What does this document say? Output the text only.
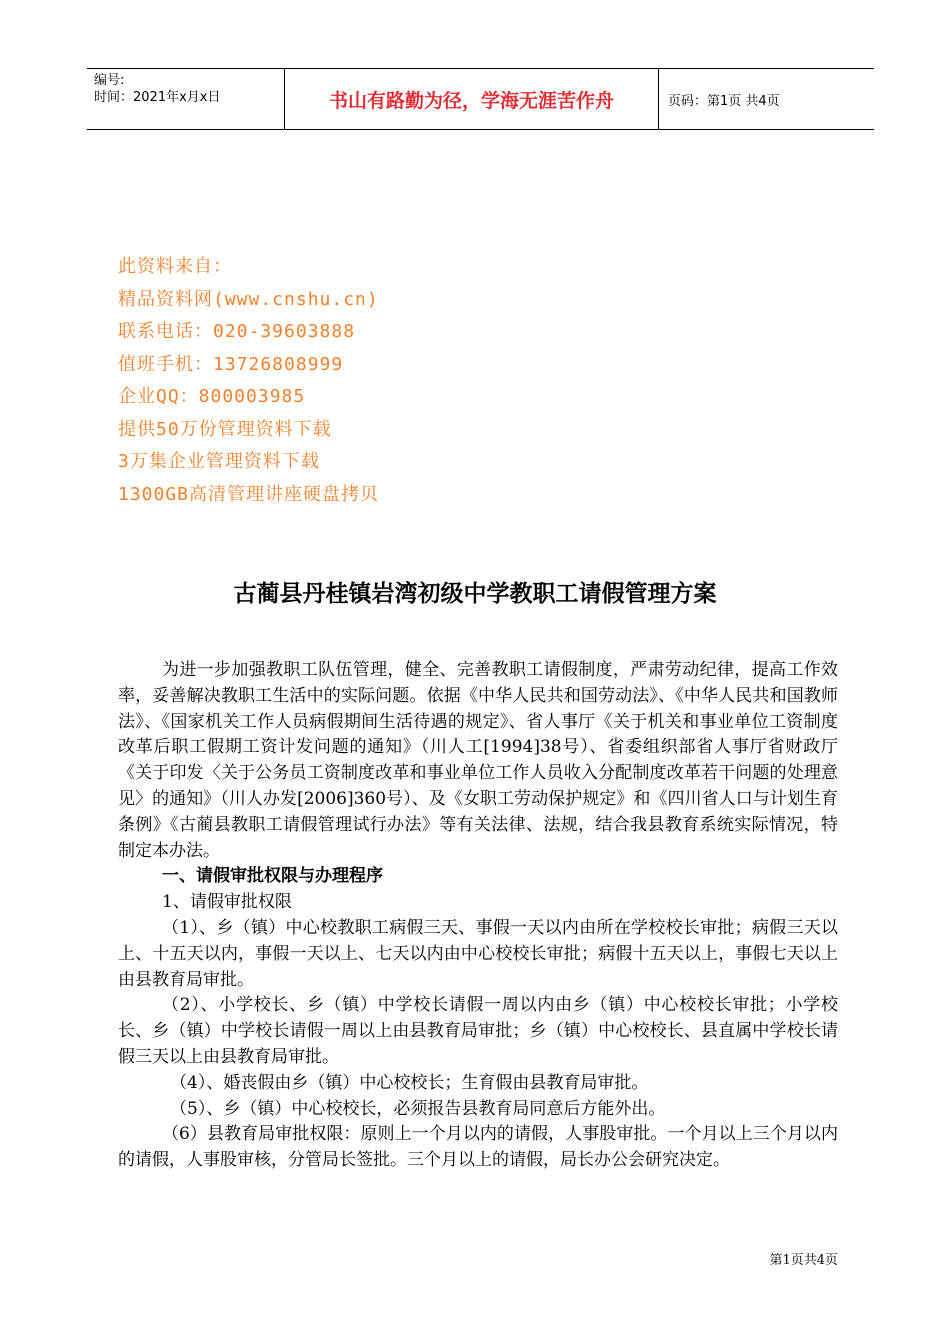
编号:
时间：2021年x月x日	书山有路勤为径，学海无涯苦作舟	页码：第1页 共4页
此资料来自：
精品资料网(www.cnshu.cn)
联系电话：020-39603888
值班手机：13726808999
企业QQ：800003985
提供50万份管理资料下载
3万集企业管理资料下载
1300GB高清管理讲座硬盘拷贝
古蔺县丹桂镇岩湾初级中学教职工请假管理方案
为进一步加强教职工队伍管理，健全、完善教职工请假制度，严肃劳动纪律，提高工作效率，妥善解决教职工生活中的实际问题。依据《中华人民共和国劳动法》、《中华人民共和国教师法》、《国家机关工作人员病假期间生活待遇的规定》、省人事厅《关于机关和事业单位工资制度改革后职工假期工资计发问题的通知》（川人工[1994]38号）、省委组织部省人事厅省财政厅《关于印发〈关于公务员工资制度改革和事业单位工作人员收入分配制度改革若干问题的处理意见〉的通知》（川人办发[2006]360号）、及《女职工劳动保护规定》和《四川省人口与计划生育条例》《古蔺县教职工请假管理试行办法》等有关法律、法规，结合我县教育系统实际情况，特制定本办法。
一、请假审批权限与办理程序
1、请假审批权限
（1）、乡（镇）中心校教职工病假三天、事假一天以内由所在学校校长审批；病假三天以上、十五天以内，事假一天以上、七天以内由中心校校长审批；病假十五天以上，事假七天以上由县教育局审批。
（2）、小学校长、乡（镇）中学校长请假一周以内由乡（镇）中心校校长审批；小学校长、乡（镇）中学校长请假一周以上由县教育局审批；乡（镇）中心校校长、县直属中学校长请假三天以上由县教育局审批。
（4）、婚丧假由乡（镇）中心校校长；生育假由县教育局审批。
（5）、乡（镇）中心校校长，必须报告县教育局同意后方能外出。
（6）县教育局审批权限：原则上一个月以内的请假，人事股审批。一个月以上三个月以内的请假，人事股审核，分管局长签批。三个月以上的请假，局长办公会研究决定。
第1页共4页
